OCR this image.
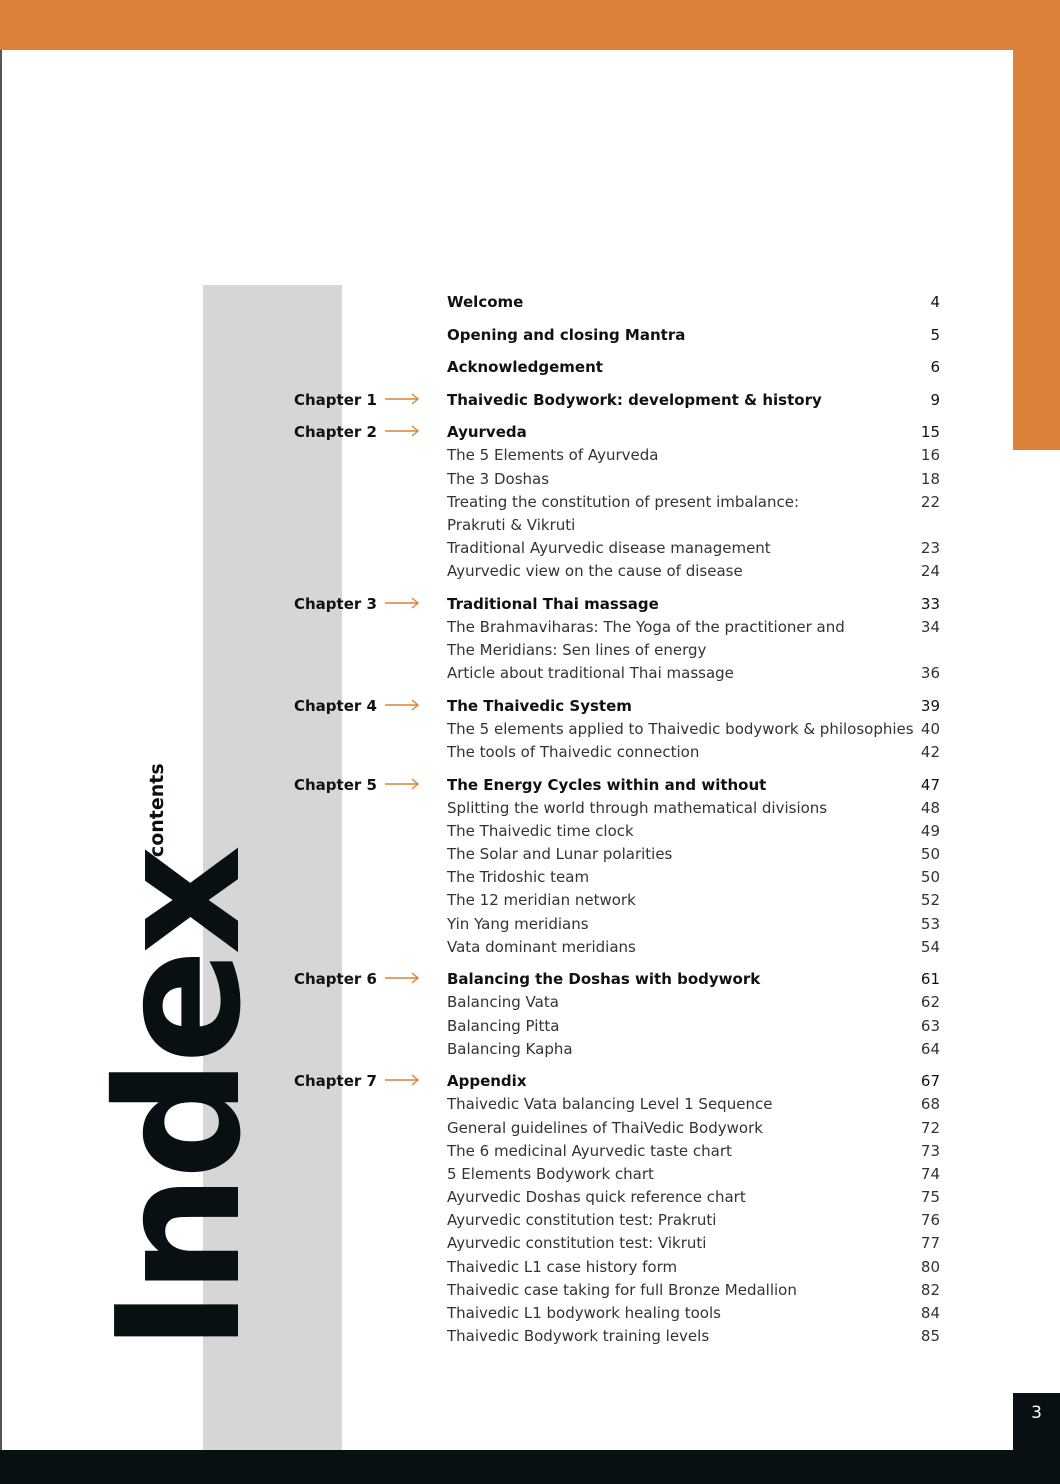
3
Index
of contents
Welcome	4
Opening and closing Mantra	5
Acknowledgement	6
Chapter 1	Thaivedic Bodywork: development & history	9
Chapter 2	Ayurveda	15
The 5 Elements of Ayurveda	16
The 3 Doshas	18
Treating the constitution of present imbalance:	22
Prakruti & Vikruti
Traditional Ayurvedic disease management	23
Ayurvedic view on the cause of disease	24
Chapter 3	Traditional Thai massage	33
The Brahmaviharas: The Yoga of the practitioner and	34
The Meridians: Sen lines of energy
Article about traditional Thai massage	36
Chapter 4	The Thaivedic System	39
The 5 elements applied to Thaivedic bodywork & philosophies 40
The tools of Thaivedic connection	42
Chapter 5	The Energy Cycles within and without	47
Splitting the world through mathematical divisions	48
The Thaivedic time clock	49
The Solar and Lunar polarities	50
The Tridoshic team	50
The 12 meridian network	52
Yin Yang meridians	53
Vata dominant meridians	54
Chapter 6	Balancing the Doshas with bodywork	61
Balancing Vata	62
Balancing Pitta	63
Balancing Kapha	64
Chapter 7	Appendix	67
Thaivedic Vata balancing Level 1 Sequence	68
General guidelines of ThaiVedic Bodywork	72
The 6 medicinal Ayurvedic taste chart	73
5 Elements Bodywork chart	74
Ayurvedic Doshas quick reference chart	75
Ayurvedic constitution test: Prakruti	76
Ayurvedic constitution test: Vikruti	77
Thaivedic L1 case history form	80
Thaivedic case taking for full Bronze Medallion	82
Thaivedic L1 bodywork healing tools	84
Thaivedic Bodywork training levels	85
